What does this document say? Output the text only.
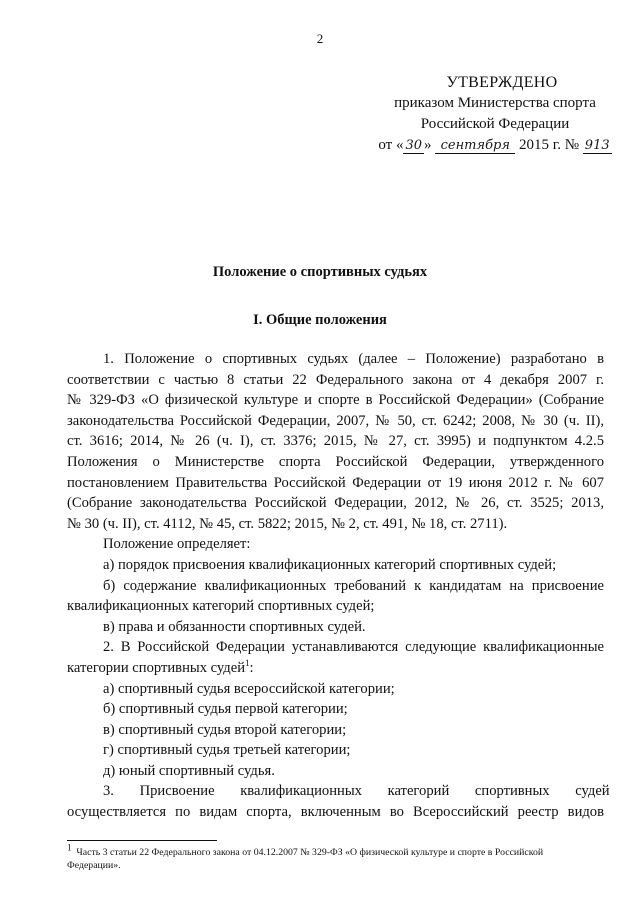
2
УТВЕРЖДЕНО
приказом Министерства спорта
Российской Федерации
от « 30 » сентября 2015 г. № 913
Положение о спортивных судьях
I. Общие положения
1. Положение о спортивных судьях (далее – Положение) разработано в
соответствии с частью 8 статьи 22 Федерального закона от 4 декабря 2007 г.
№ 329-ФЗ «О физической культуре и спорте в Российской Федерации» (Собрание
законодательства Российской Федерации, 2007, № 50, ст. 6242; 2008, № 30 (ч. II),
ст. 3616; 2014, № 26 (ч. I), ст. 3376; 2015, № 27, ст. 3995) и подпунктом 4.2.5
Положения о Министерстве спорта Российской Федерации, утвержденного
постановлением Правительства Российской Федерации от 19 июня 2012 г. № 607
(Собрание законодательства Российской Федерации, 2012, № 26, ст. 3525; 2013,
№ 30 (ч. II), ст. 4112, № 45, ст. 5822; 2015, № 2, ст. 491, № 18, ст. 2711).
Положение определяет:
а) порядок присвоения квалификационных категорий спортивных судей;
б) содержание квалификационных требований к кандидатам на присвоение
квалификационных категорий спортивных судей;
в) права и обязанности спортивных судей.
2. В Российской Федерации устанавливаются следующие квалификационные
категории спортивных судей$^1$:
а) спортивный судья всероссийской категории;
б) спортивный судья первой категории;
в) спортивный судья второй категории;
г) спортивный судья третьей категории;
д) юный спортивный судья.
3. Присвоение квалификационных категорий спортивных судей
осуществляется по видам спорта, включенным во Всероссийский реестр видов
$^1$ Часть 3 статьи 22 Федерального закона от 04.12.2007 № 329-ФЗ «О физической культуре и спорте в Российской
Федерации».
